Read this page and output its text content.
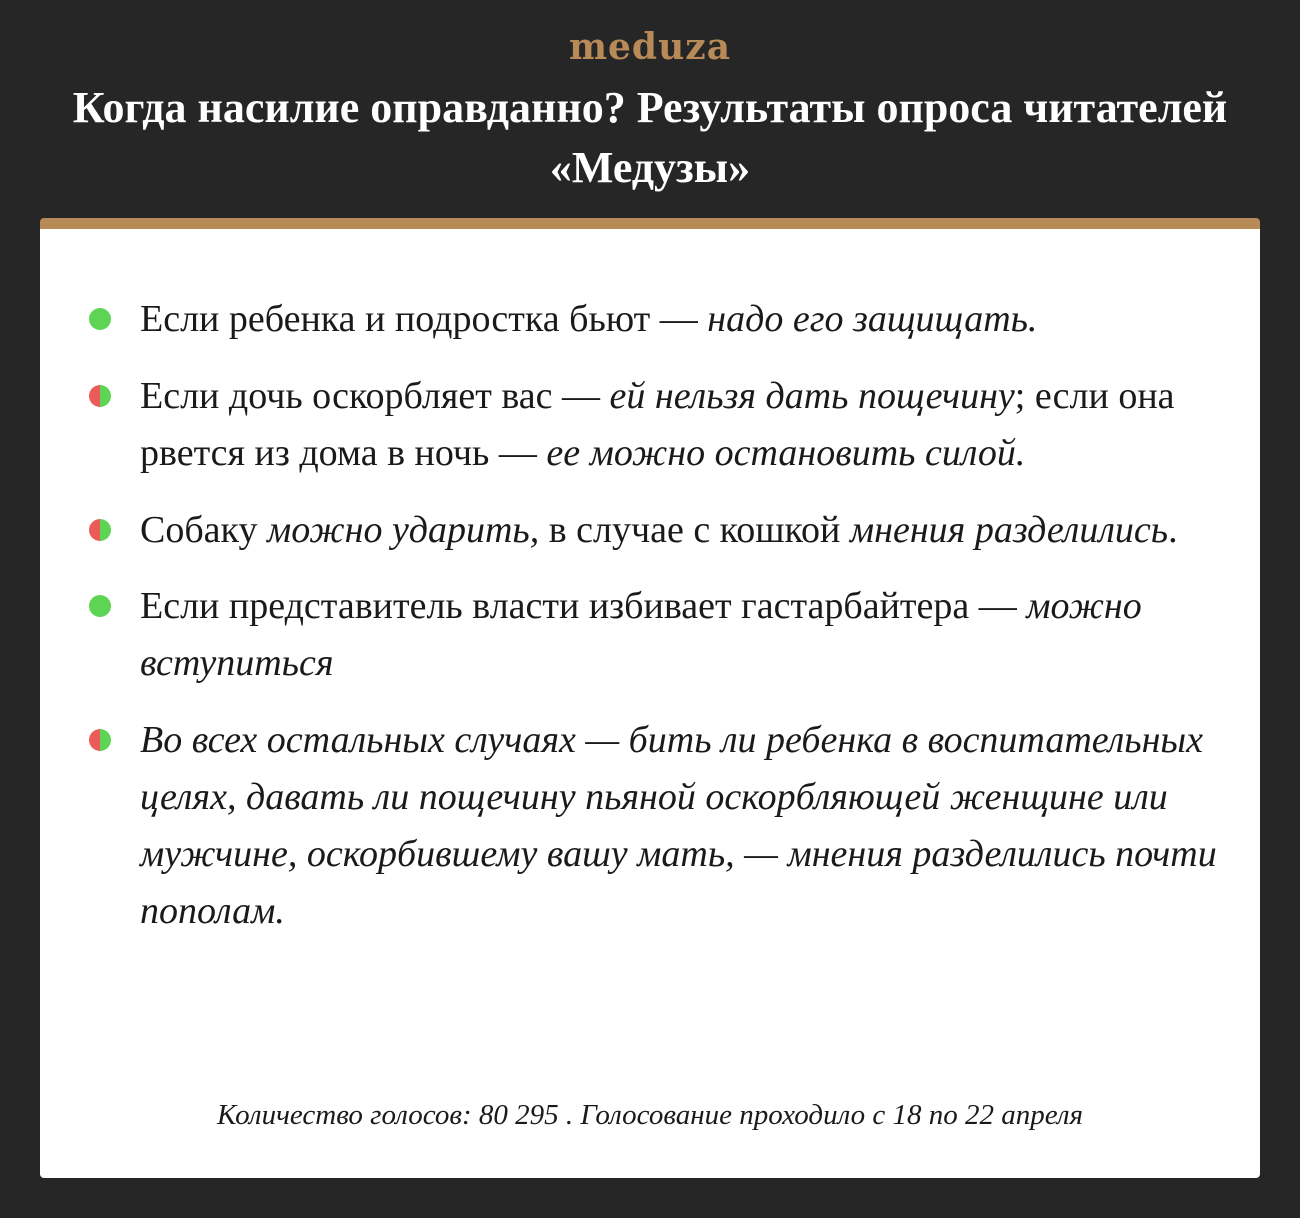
meduza
Когда насилие оправданно? Результаты опроса читателей «Медузы»
Если ребенка и подростка бьют — надо его защищать.
Если дочь оскорбляет вас — ей нельзя дать пощечину; если она рвется из дома в ночь — ее можно остановить силой.
Собаку можно ударить, в случае с кошкой мнения разделились.
Если представитель власти избивает гастарбайтера — можно вступиться
Во всех остальных случаях — бить ли ребенка в воспитательных целях, давать ли пощечину пьяной оскорбляющей женщине или мужчине, оскорбившему вашу мать, — мнения разделились почти пополам.
Количество голосов: 80 295 . Голосование проходило с 18 по 22 апреля
